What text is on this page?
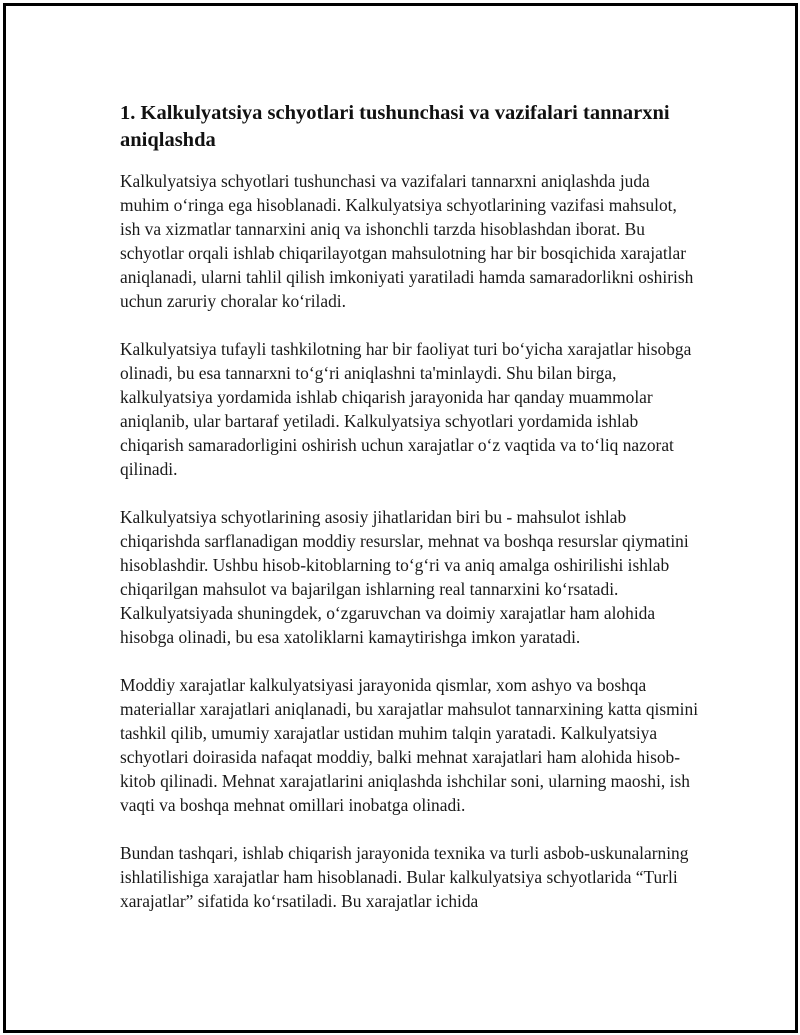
1. Kalkulyatsiya schyotlari tushunchasi va vazifalari tannarxni aniqlashda

Kalkulyatsiya schyotlari tushunchasi va vazifalari tannarxni aniqlashda juda muhim oʻringa ega hisoblanadi. Kalkulyatsiya schyotlarining vazifasi mahsulot, ish va xizmatlar tannarxini aniq va ishonchli tarzda hisoblashdan iborat. Bu schyotlar orqali ishlab chiqarilayotgan mahsulotning har bir bosqichida xarajatlar aniqlanadi, ularni tahlil qilish imkoniyati yaratiladi hamda samaradorlikni oshirish uchun zaruriy choralar koʻriladi.

Kalkulyatsiya tufayli tashkilotning har bir faoliyat turi boʻyicha xarajatlar hisobga olinadi, bu esa tannarxni toʻgʻri aniqlashni ta'minlaydi. Shu bilan birga, kalkulyatsiya yordamida ishlab chiqarish jarayonida har qanday muammolar aniqlanib, ular bartaraf yetiladi. Kalkulyatsiya schyotlari yordamida ishlab chiqarish samaradorligini oshirish uchun xarajatlar oʻz vaqtida va toʻliq nazorat qilinadi.

Kalkulyatsiya schyotlarining asosiy jihatlaridan biri bu - mahsulot ishlab chiqarishda sarflanadigan moddiy resurslar, mehnat va boshqa resurslar qiymatini hisoblashdir. Ushbu hisob-kitoblarning toʻgʻri va aniq amalga oshirilishi ishlab chiqarilgan mahsulot va bajarilgan ishlarning real tannarxini koʻrsatadi. Kalkulyatsiyada shuningdek, oʻzgaruvchan va doimiy xarajatlar ham alohida hisobga olinadi, bu esa xatoliklarni kamaytirishga imkon yaratadi.

Moddiy xarajatlar kalkulyatsiyasi jarayonida qismlar, xom ashyo va boshqa materiallar xarajatlari aniqlanadi, bu xarajatlar mahsulot tannarxining katta qismini tashkil qilib, umumiy xarajatlar ustidan muhim talqin yaratadi. Kalkulyatsiya schyotlari doirasida nafaqat moddiy, balki mehnat xarajatlari ham alohida hisob-kitob qilinadi. Mehnat xarajatlarini aniqlashda ishchilar soni, ularning maoshi, ish vaqti va boshqa mehnat omillari inobatga olinadi.

Bundan tashqari, ishlab chiqarish jarayonida texnika va turli asbob-uskunalarning ishlatilishiga xarajatlar ham hisoblanadi. Bular kalkulyatsiya schyotlarida “Turli xarajatlar” sifatida koʻrsatiladi. Bu xarajatlar ichida
